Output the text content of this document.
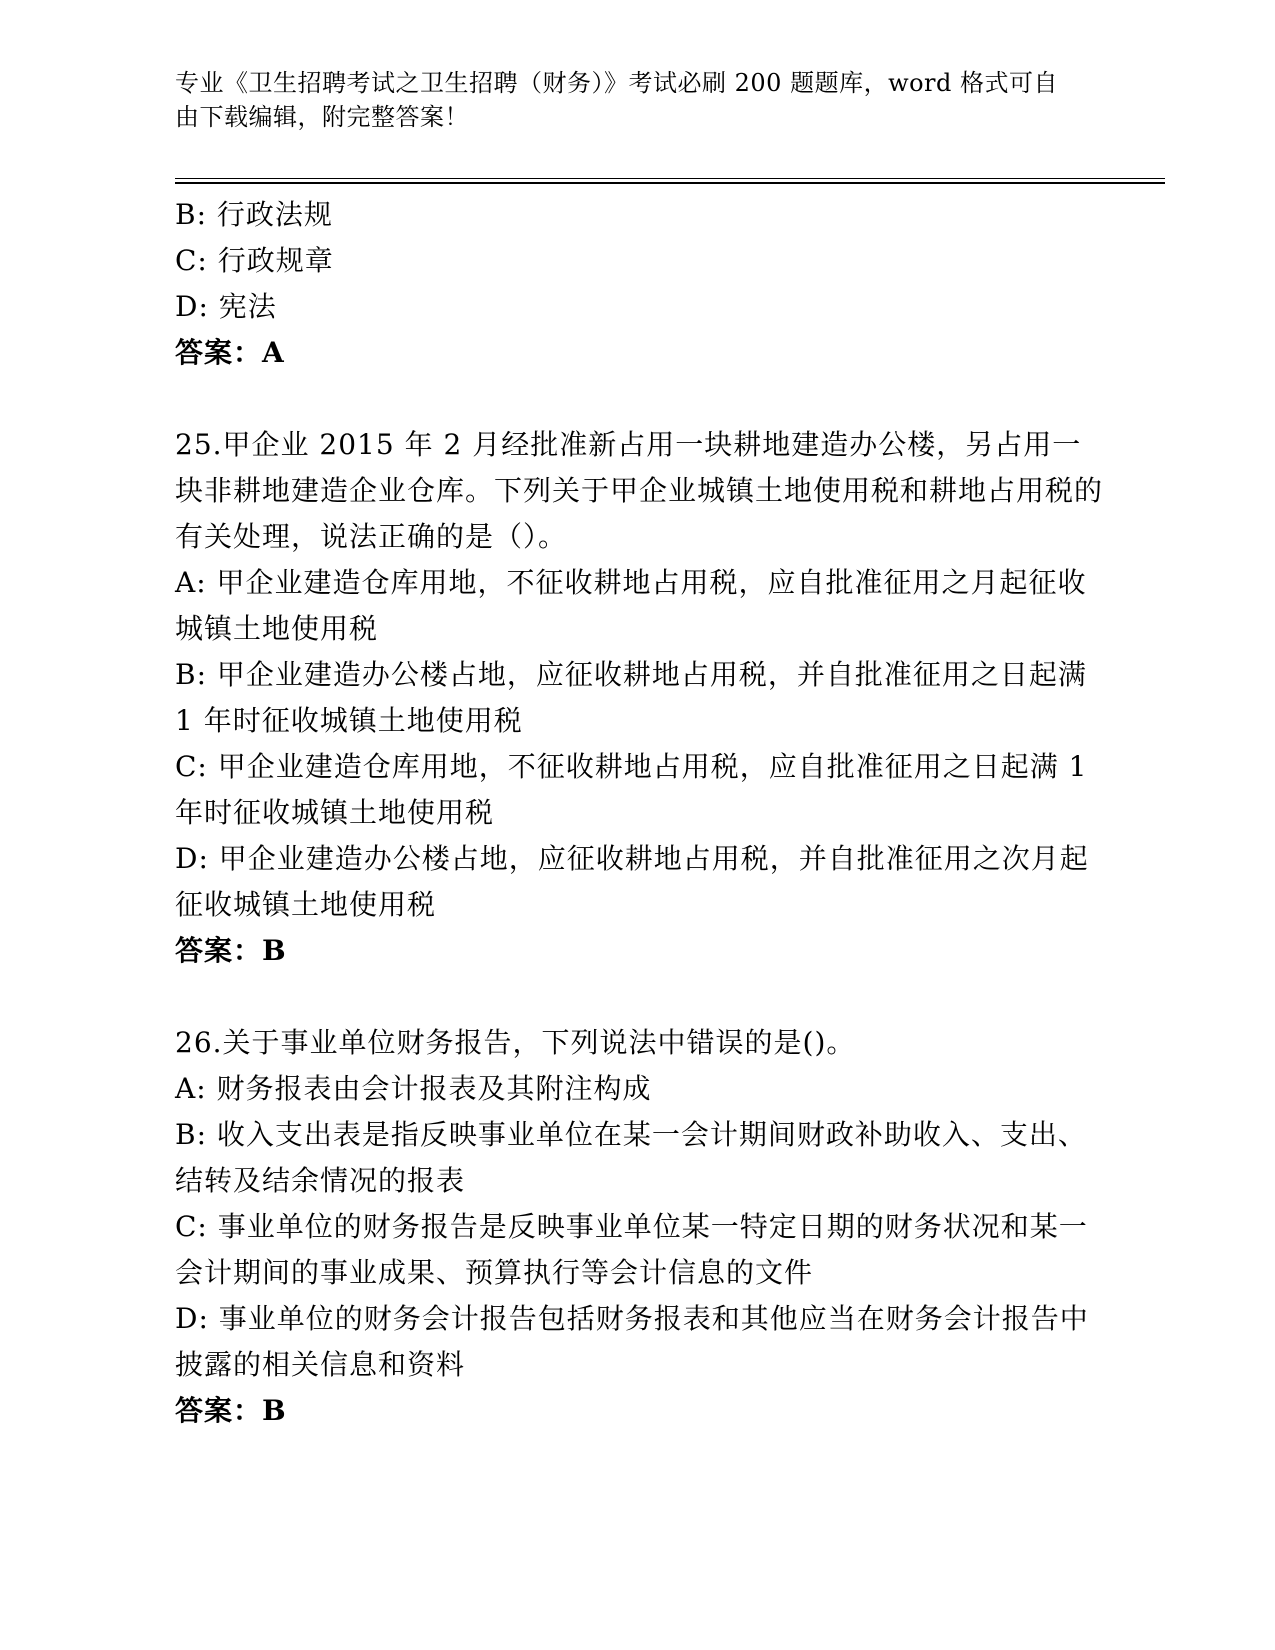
专业《卫生招聘考试之卫生招聘（财务）》考试必刷 200 题题库，word 格式可自
由下载编辑，附完整答案！

B: 行政法规

C: 行政规章

D: 宪法

答案：A

25.甲企业 2015 年 2 月经批准新占用一块耕地建造办公楼，另占用一块非耕地建造企业仓库。下列关于甲企业城镇土地使用税和耕地占用税的有关处理，说法正确的是（）。

A: 甲企业建造仓库用地，不征收耕地占用税，应自批准征用之月起征收城镇土地使用税

B: 甲企业建造办公楼占地，应征收耕地占用税，并自批准征用之日起满 1 年时征收城镇土地使用税

C: 甲企业建造仓库用地，不征收耕地占用税，应自批准征用之日起满 1 年时征收城镇土地使用税

D: 甲企业建造办公楼占地，应征收耕地占用税，并自批准征用之次月起征收城镇土地使用税

答案：B

26.关于事业单位财务报告，下列说法中错误的是()。

A: 财务报表由会计报表及其附注构成

B: 收入支出表是指反映事业单位在某一会计期间财政补助收入、支出、结转及结余情况的报表

C: 事业单位的财务报告是反映事业单位某一特定日期的财务状况和某一会计期间的事业成果、预算执行等会计信息的文件

D: 事业单位的财务会计报告包括财务报表和其他应当在财务会计报告中披露的相关信息和资料

答案：B
